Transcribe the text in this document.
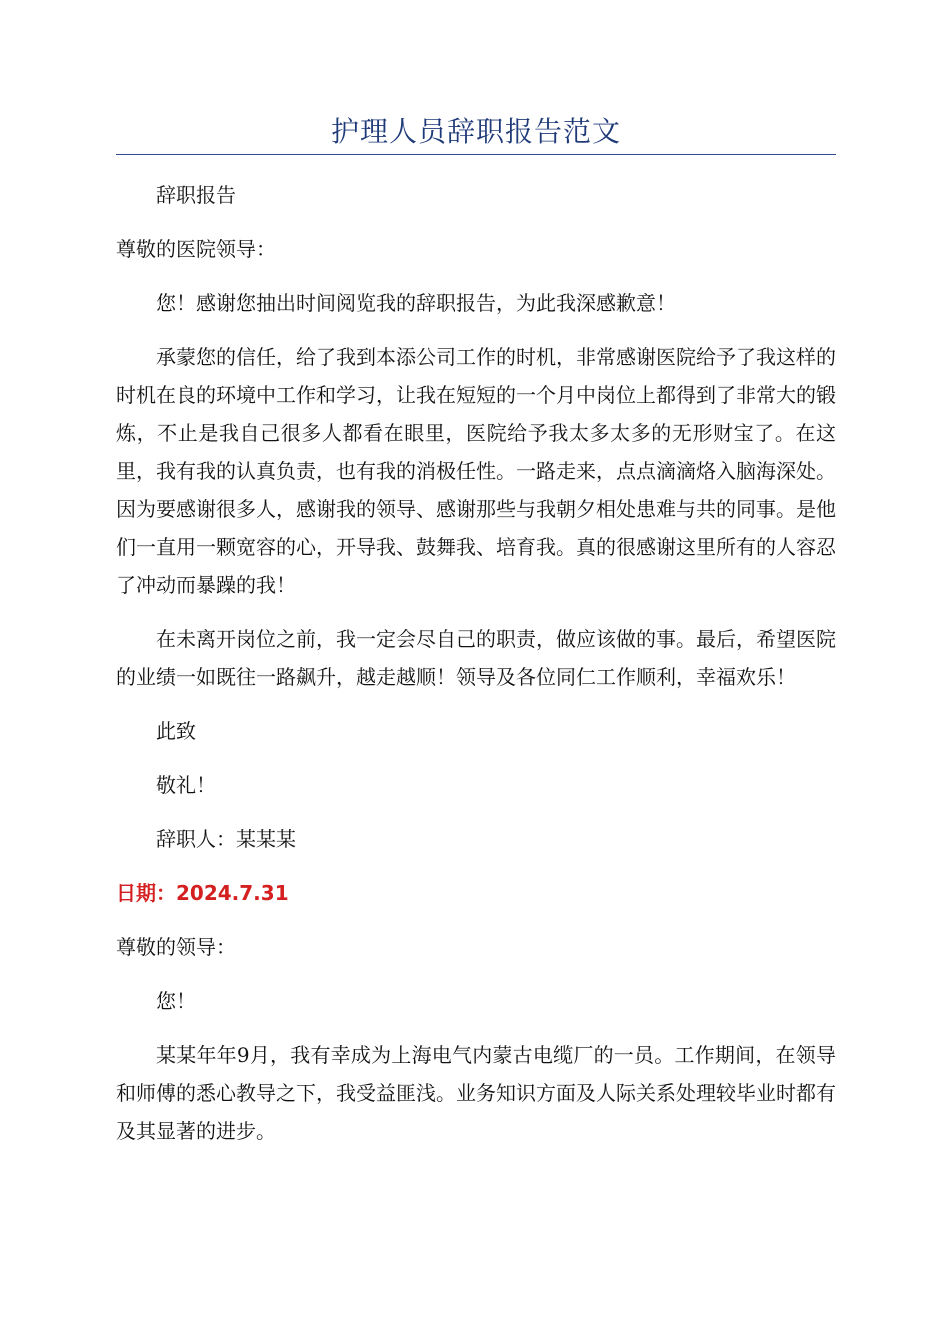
护理人员辞职报告范文

辞职报告

尊敬的医院领导：

您！感谢您抽出时间阅览我的辞职报告，为此我深感歉意！

承蒙您的信任，给了我到本添公司工作的时机，非常感谢医院给予了我这样的时机在良的环境中工作和学习，让我在短短的一个月中岗位上都得到了非常大的锻炼，不止是我自己很多人都看在眼里，医院给予我太多太多的无形财宝了。在这里，我有我的认真负责，也有我的消极任性。一路走来，点点滴滴烙入脑海深处。因为要感谢很多人，感谢我的领导、感谢那些与我朝夕相处患难与共的同事。是他们一直用一颗宽容的心，开导我、鼓舞我、培育我。真的很感谢这里所有的人容忍了冲动而暴躁的我！

在未离开岗位之前，我一定会尽自己的职责，做应该做的事。最后，希望医院的业绩一如既往一路飙升，越走越顺！领导及各位同仁工作顺利，幸福欢乐！

此致

敬礼！

辞职人：某某某

日期：2024.7.31

尊敬的领导：

您！

某某年年9月，我有幸成为上海电气内蒙古电缆厂的一员。工作期间，在领导和师傅的悉心教导之下，我受益匪浅。业务知识方面及人际关系处理较毕业时都有及其显著的进步。
